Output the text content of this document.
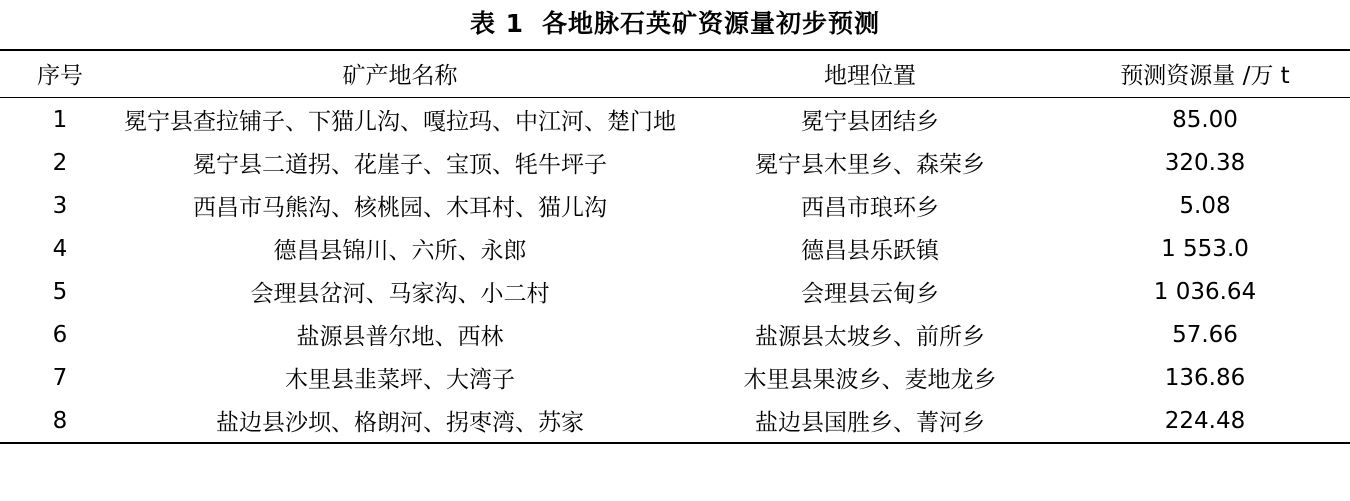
表 1 各地脉石英矿资源量初步预测
序号	矿产地名称	地理位置	预测资源量 /万 t
1	冕宁县查拉铺子、下猫儿沟、嘎拉玛、中江河、楚门地	冕宁县团结乡	85.00
2	冕宁县二道拐、花崖子、宝顶、牦牛坪子	冕宁县木里乡、森荣乡	320.38
3	西昌市马熊沟、核桃园、木耳村、猫儿沟	西昌市琅环乡	5.08
4	德昌县锦川、六所、永郎	德昌县乐跃镇	1 553.0
5	会理县岔河、马家沟、小二村	会理县云甸乡	1 036.64
6	盐源县普尔地、西林	盐源县太坡乡、前所乡	57.66
7	木里县韭菜坪、大湾子	木里县果波乡、麦地龙乡	136.86
8	盐边县沙坝、格朗河、拐枣湾、苏家	盐边县国胜乡、菁河乡	224.48
